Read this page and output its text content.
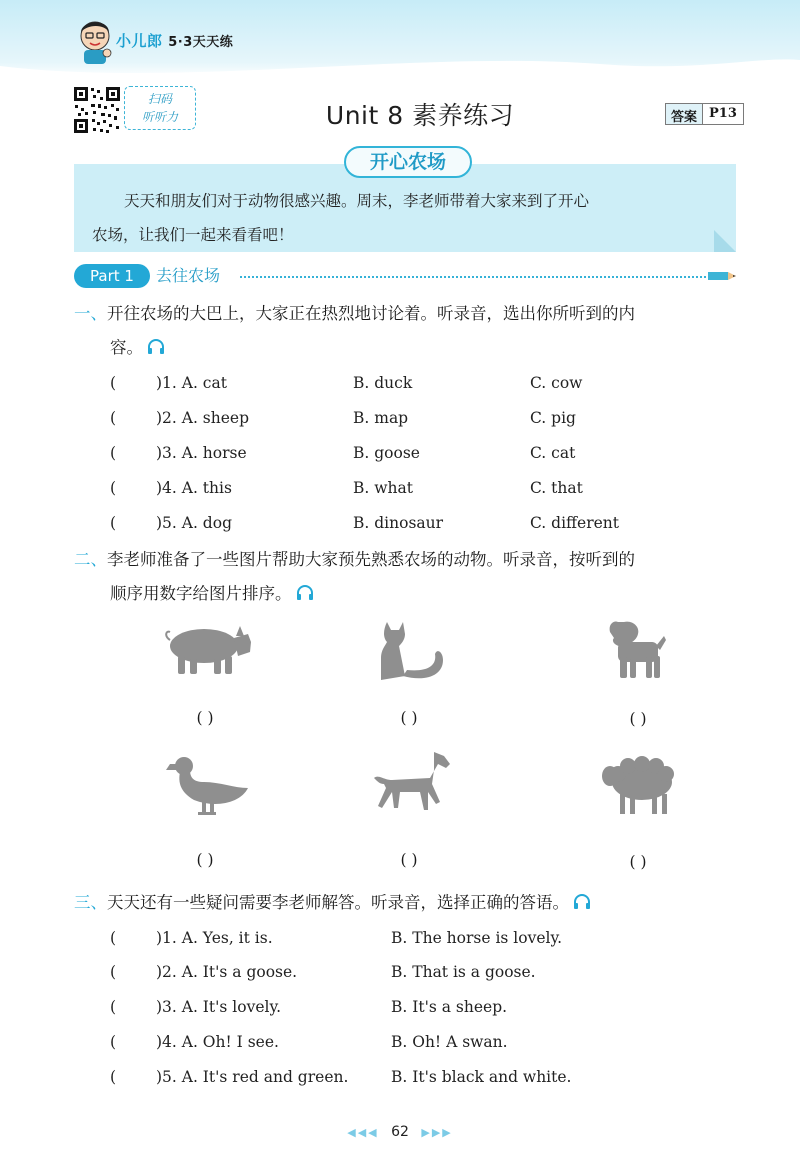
小儿郎 5·3天天练
扫码
听听力	Unit 8 素养练习	答案 P13
天天和朋友们对于动物很感兴趣。周末，李老师带着大家来到了开心
农场，让我们一起来看看吧！
开心农场
Part 1	去往农场
一、开往农场的大巴上，大家正在热烈地讨论着。听录音，选出你所听到的内
容。
(	)1. A. cat	B. duck	C. cow
(	)2. A. sheep	B. map	C. pig
(	)3. A. horse	B. goose	C. cat
(	)4. A. this	B. what	C. that
(	)5. A. dog	B. dinosaur	C. different
二、李老师准备了一些图片帮助大家预先熟悉农场的动物。听录音，按听到的
顺序用数字给图片排序。
( )	( )	( )
( )	( )	( )
三、天天还有一些疑问需要李老师解答。听录音，选择正确的答语。
(	)1. A. Yes, it is.	B. The horse is lovely.
(	)2. A. It's a goose.	B. That is a goose.
(	)3. A. It's lovely.	B. It's a sheep.
(	)4. A. Oh! I see.	B. Oh! A swan.
(	)5. A. It's red and green.	B. It's black and white.
◀◀◀ 62 ▶▶▶
